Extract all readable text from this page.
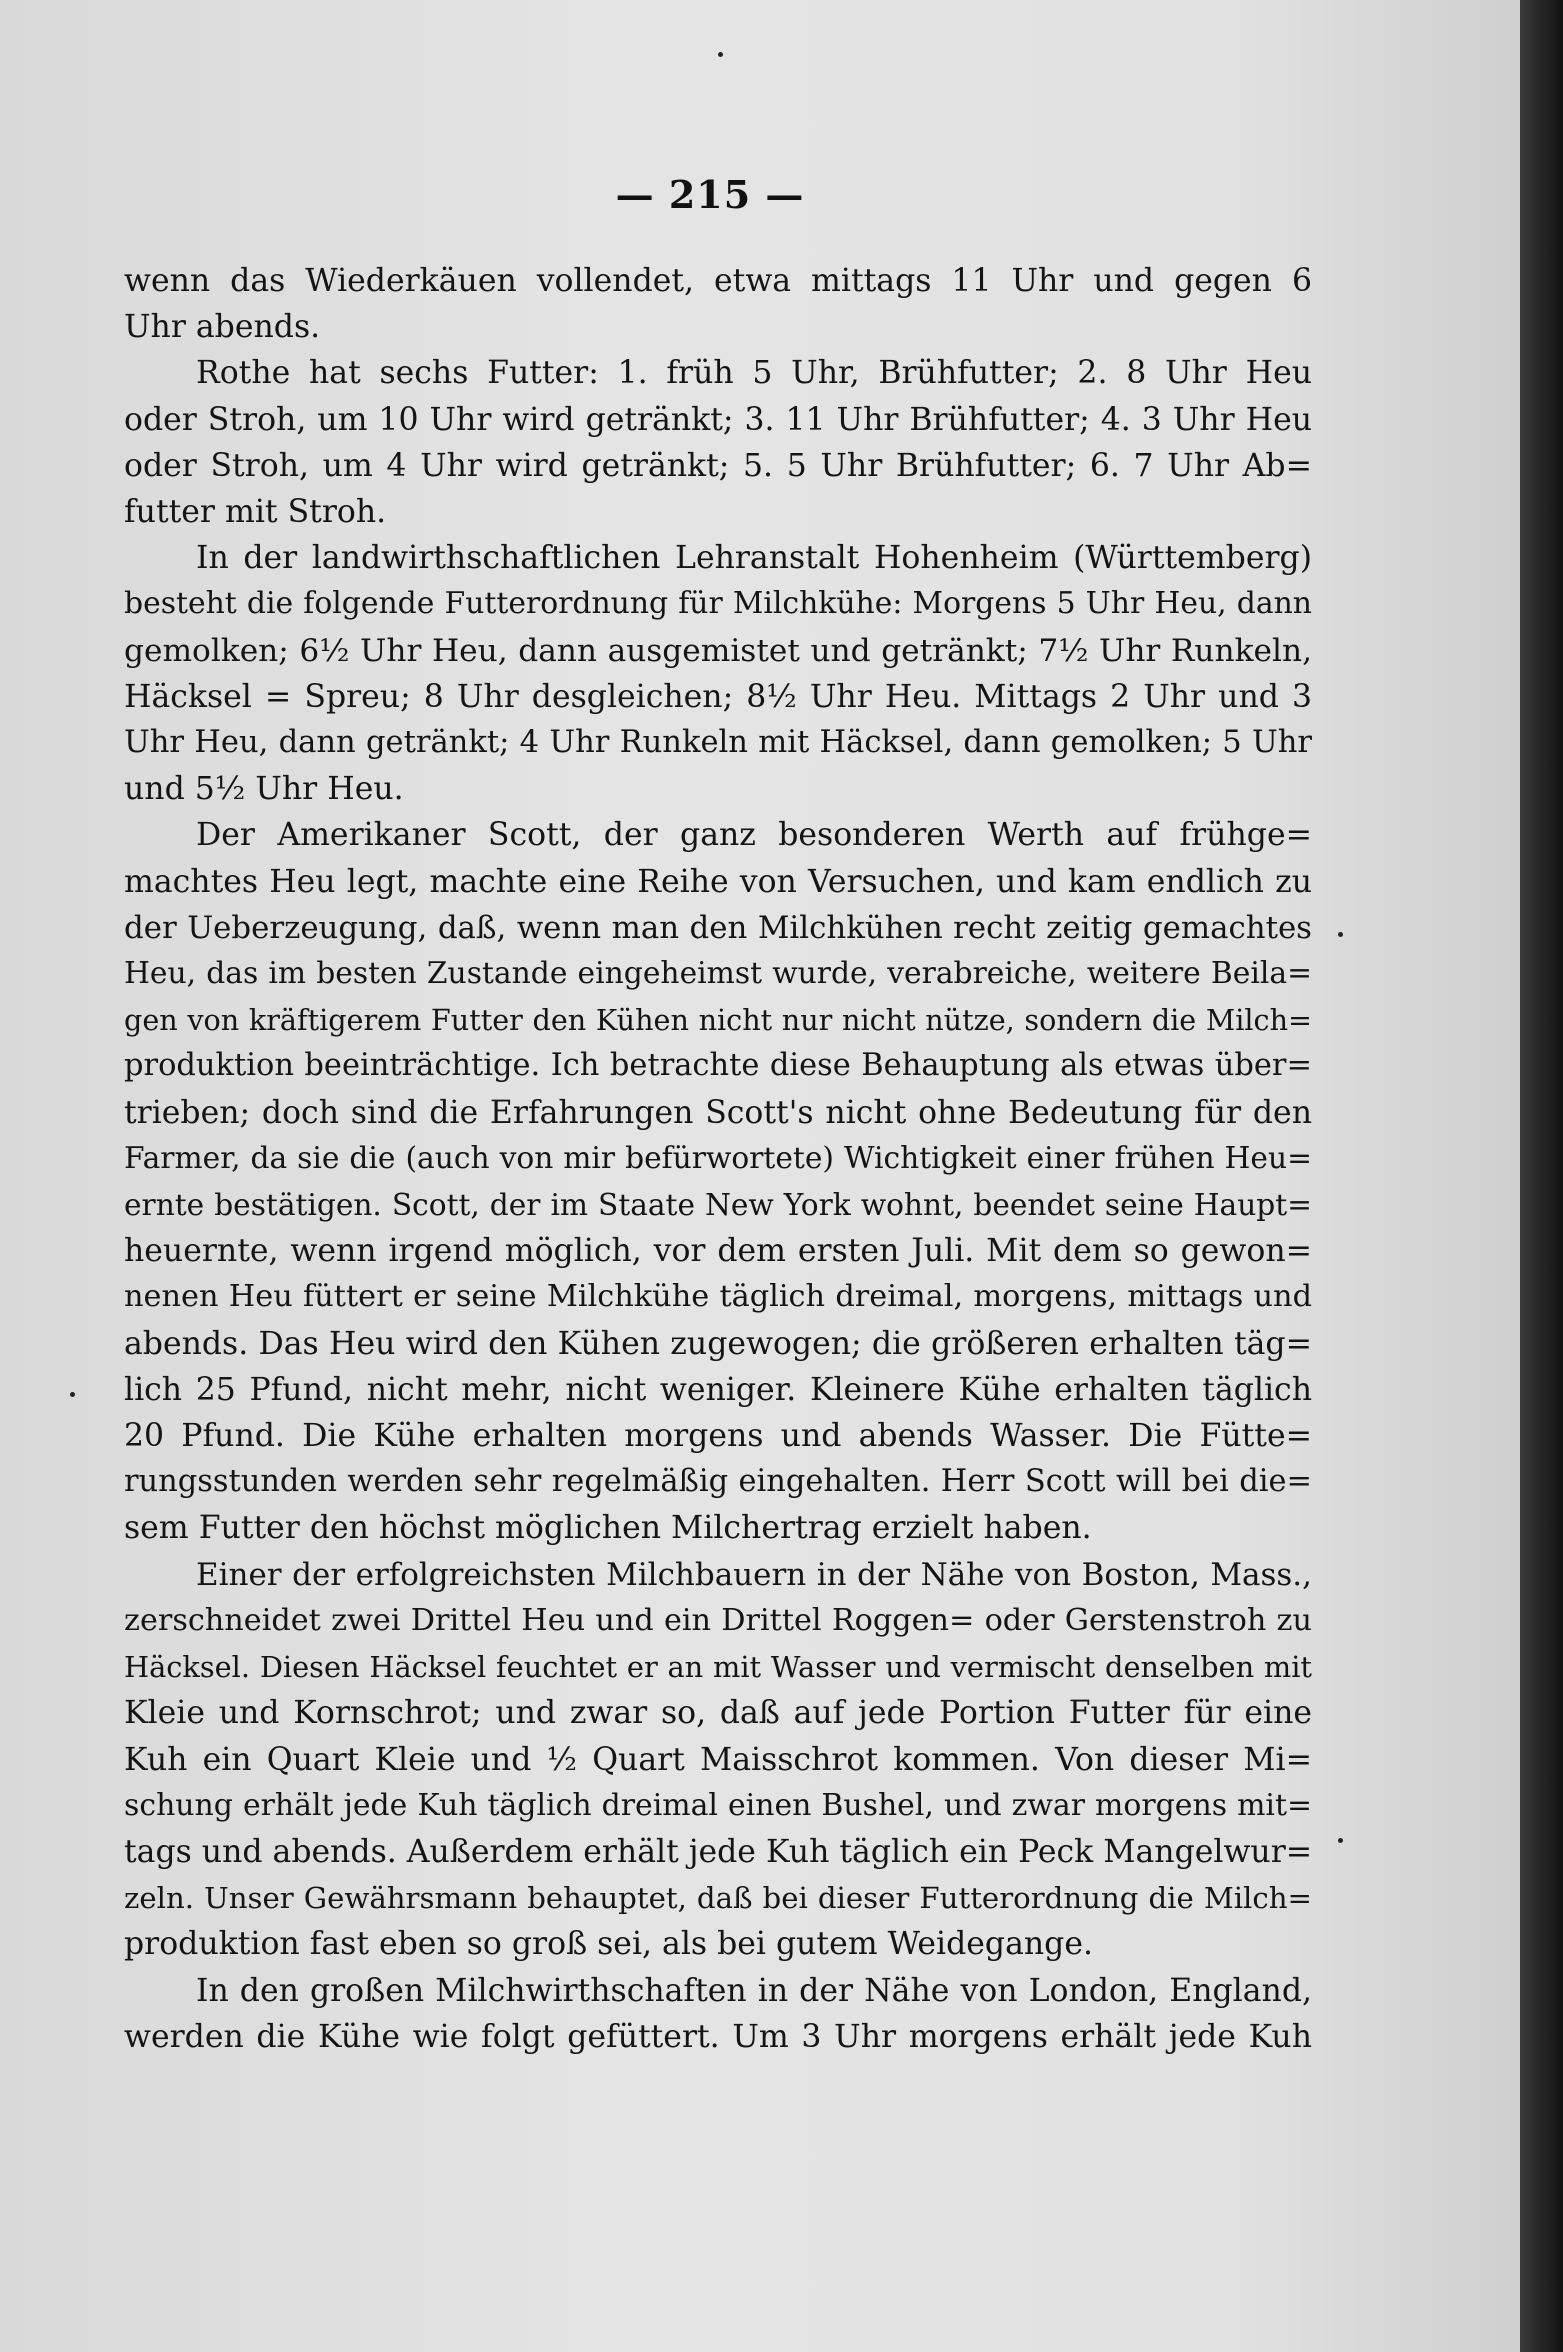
— 215 —
wenn das Wiederkäuen vollendet, etwa mittags 11 Uhr und gegen 6
Uhr abends.
Rothe hat sechs Futter: 1. früh 5 Uhr, Brühfutter; 2. 8 Uhr Heu
oder Stroh, um 10 Uhr wird getränkt; 3. 11 Uhr Brühfutter; 4. 3 Uhr Heu
oder Stroh, um 4 Uhr wird getränkt; 5. 5 Uhr Brühfutter; 6. 7 Uhr Ab=
futter mit Stroh.
In der landwirthschaftlichen Lehranstalt Hohenheim (Württemberg)
besteht die folgende Futterordnung für Milchkühe: Morgens 5 Uhr Heu, dann
gemolken; 6½ Uhr Heu, dann ausgemistet und getränkt; 7½ Uhr Runkeln,
Häcksel = Spreu; 8 Uhr desgleichen; 8½ Uhr Heu. Mittags 2 Uhr und 3
Uhr Heu, dann getränkt; 4 Uhr Runkeln mit Häcksel, dann gemolken; 5 Uhr
und 5½ Uhr Heu.
Der Amerikaner Scott, der ganz besonderen Werth auf frühge=
machtes Heu legt, machte eine Reihe von Versuchen, und kam endlich zu
der Ueberzeugung, daß, wenn man den Milchkühen recht zeitig gemachtes
Heu, das im besten Zustande eingeheimst wurde, verabreiche, weitere Beila=
gen von kräftigerem Futter den Kühen nicht nur nicht nütze, sondern die Milch=
produktion beeinträchtige. Ich betrachte diese Behauptung als etwas über=
trieben; doch sind die Erfahrungen Scott's nicht ohne Bedeutung für den
Farmer, da sie die (auch von mir befürwortete) Wichtigkeit einer frühen Heu=
ernte bestätigen. Scott, der im Staate New York wohnt, beendet seine Haupt=
heuernte, wenn irgend möglich, vor dem ersten Juli. Mit dem so gewon=
nenen Heu füttert er seine Milchkühe täglich dreimal, morgens, mittags und
abends. Das Heu wird den Kühen zugewogen; die größeren erhalten täg=
lich 25 Pfund, nicht mehr, nicht weniger. Kleinere Kühe erhalten täglich
20 Pfund. Die Kühe erhalten morgens und abends Wasser. Die Fütte=
rungsstunden werden sehr regelmäßig eingehalten. Herr Scott will bei die=
sem Futter den höchst möglichen Milchertrag erzielt haben.
Einer der erfolgreichsten Milchbauern in der Nähe von Boston, Mass.,
zerschneidet zwei Drittel Heu und ein Drittel Roggen= oder Gerstenstroh zu
Häcksel. Diesen Häcksel feuchtet er an mit Wasser und vermischt denselben mit
Kleie und Kornschrot; und zwar so, daß auf jede Portion Futter für eine
Kuh ein Quart Kleie und ½ Quart Maisschrot kommen. Von dieser Mi=
schung erhält jede Kuh täglich dreimal einen Bushel, und zwar morgens mit=
tags und abends. Außerdem erhält jede Kuh täglich ein Peck Mangelwur=
zeln. Unser Gewährsmann behauptet, daß bei dieser Futterordnung die Milch=
produktion fast eben so groß sei, als bei gutem Weidegange.
In den großen Milchwirthschaften in der Nähe von London, England,
werden die Kühe wie folgt gefüttert. Um 3 Uhr morgens erhält jede Kuh
